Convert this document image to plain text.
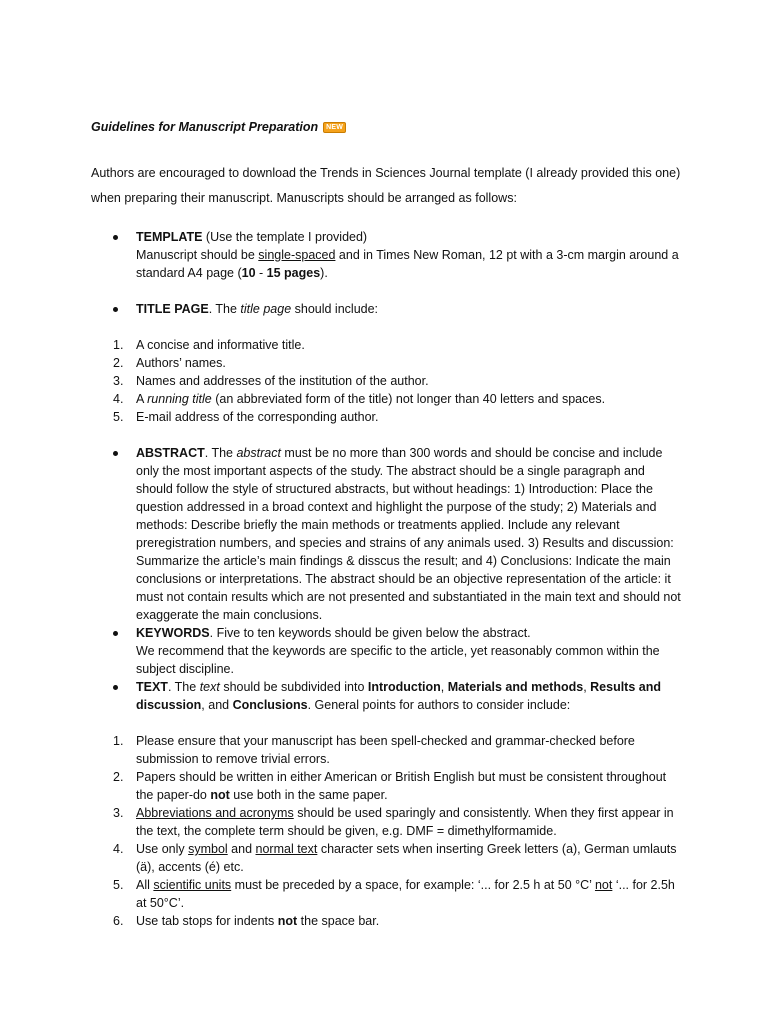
Guidelines for Manuscript Preparation	NEW

Authors are encouraged to download the Trends in Sciences Journal template (I already provided this one) when preparing their manuscript. Manuscripts should be arranged as follows:

TEMPLATE (Use the template I provided)
Manuscript should be single-spaced and in Times New Roman, 12 pt with a 3-cm margin around a standard A4 page (10 - 15 pages).
TITLE PAGE. The title page should include:
1. A concise and informative title.
2. Authors’ names.
3. Names and addresses of the institution of the author.
4. A running title (an abbreviated form of the title) not longer than 40 letters and spaces.
5. E-mail address of the corresponding author.
ABSTRACT. The abstract must be no more than 300 words and should be concise and include only the most important aspects of the study. The abstract should be a single paragraph and should follow the style of structured abstracts, but without headings: 1) Introduction: Place the question addressed in a broad context and highlight the purpose of the study; 2) Materials and methods: Describe briefly the main methods or treatments applied. Include any relevant preregistration numbers, and species and strains of any animals used. 3) Results and discussion: Summarize the article’s main findings & disscus the result; and 4) Conclusions: Indicate the main conclusions or interpretations. The abstract should be an objective representation of the article: it must not contain results which are not presented and substantiated in the main text and should not exaggerate the main conclusions.
KEYWORDS. Five to ten keywords should be given below the abstract.
We recommend that the keywords are specific to the article, yet reasonably common within the subject discipline.
TEXT. The text should be subdivided into Introduction, Materials and methods, Results and discussion, and Conclusions. General points for authors to consider include:
1. Please ensure that your manuscript has been spell-checked and grammar-checked before submission to remove trivial errors.
2. Papers should be written in either American or British English but must be consistent throughout the paper-do not use both in the same paper.
3. Abbreviations and acronyms should be used sparingly and consistently. When they first appear in the text, the complete term should be given, e.g. DMF = dimethylformamide.
4. Use only symbol and normal text character sets when inserting Greek letters (a), German umlauts (ä), accents (é) etc.
5. All scientific units must be preceded by a space, for example: ‘... for 2.5 h at 50 °C’ not ‘... for 2.5h at 50°C’.
6. Use tab stops for indents not the space bar.
